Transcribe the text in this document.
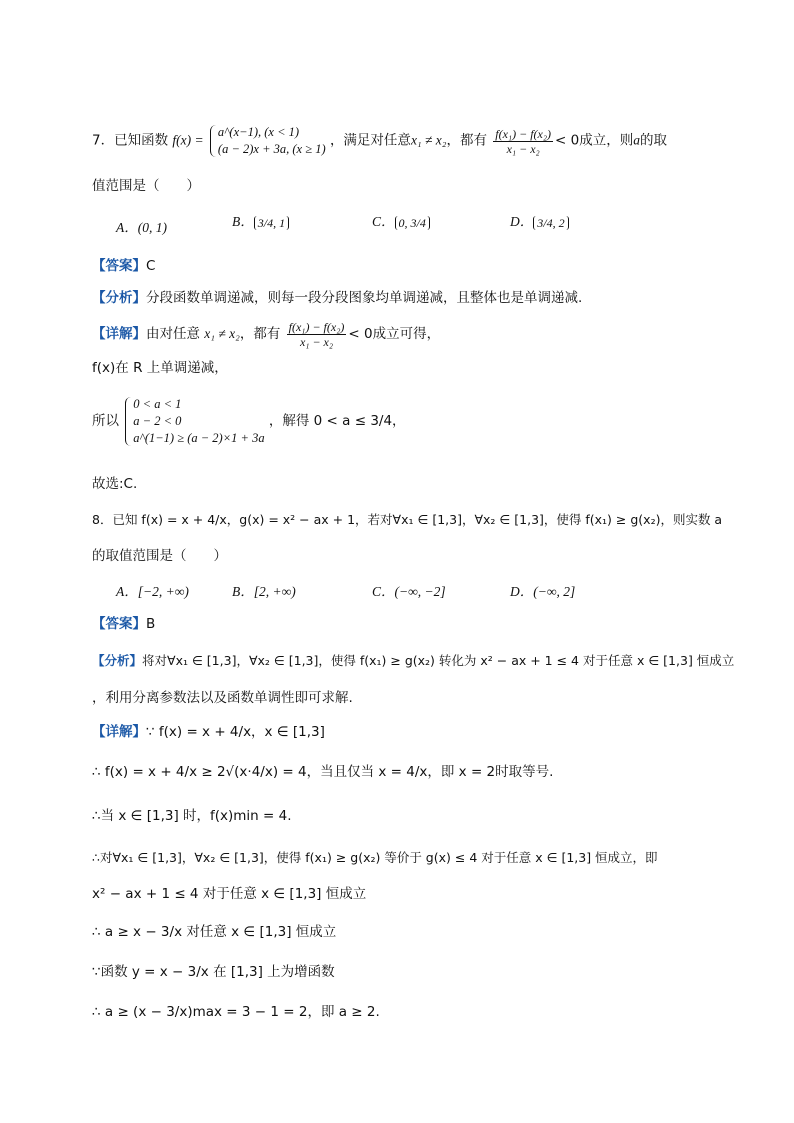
7．已知函数 f(x) =
a^(x−1), (x < 1)
(a − 2)x + 3a, (x ≥ 1)
，满足对任意x₁ ≠ x₂，都有 $\frac{\text{f(x₁) − f(x₂)}}{\text{x₁ − x₂}} < 0$成立，则a的取
值范围是（　　）
A．(0, 1)	B． 3/4, 1	C． 0, 3/4	D． 3/4, 2
【答案】C
【分析】分段函数单调递减，则每一段分段图象均单调递减，且整体也是单调递减.
【详解】由对任意 x₁ ≠ x₂，都有 $\frac{\text{f(x₁) − f(x₂)}}{\text{x₁ − x₂}} < 0$成立可得，
f(x)在 R 上单调递减，
所以
0 < a < 1
a − 2 < 0
a^(1−1) ≥ (a − 2)×1 + 3a
，解得 0 < a ≤ 3/4，
故选:C.
8．已知 f(x) = x + 4/x，g(x) = x² − ax + 1，若对∀x₁ ∈ [1,3]，∀x₂ ∈ [1,3]，使得 f(x₁) ≥ g(x₂)，则实数 a
的取值范围是（　　）
A．[−2, +∞)	B．[2, +∞)	C．(−∞, −2]	D．(−∞, 2]
【答案】B
【分析】将对∀x₁ ∈ [1,3]，∀x₂ ∈ [1,3]，使得 f(x₁) ≥ g(x₂) 转化为 x² − ax + 1 ≤ 4 对于任意 x ∈ [1,3] 恒成立
，利用分离参数法以及函数单调性即可求解.
【详解】∵ f(x) = x + 4/x，x ∈ [1,3]
∴ f(x) = x + 4/x ≥ 2√(x·4/x) = 4，当且仅当 x = 4/x，即 x = 2时取等号.
∴当 x ∈ [1,3] 时，f(x)min = 4.
∴对∀x₁ ∈ [1,3]，∀x₂ ∈ [1,3]，使得 f(x₁) ≥ g(x₂) 等价于 g(x) ≤ 4 对于任意 x ∈ [1,3] 恒成立，即
x² − ax + 1 ≤ 4 对于任意 x ∈ [1,3] 恒成立
∴ a ≥ x − 3/x 对任意 x ∈ [1,3] 恒成立
∵函数 y = x − 3/x 在 [1,3] 上为增函数
∴ a ≥ (x − 3/x)max = 3 − 1 = 2，即 a ≥ 2.
